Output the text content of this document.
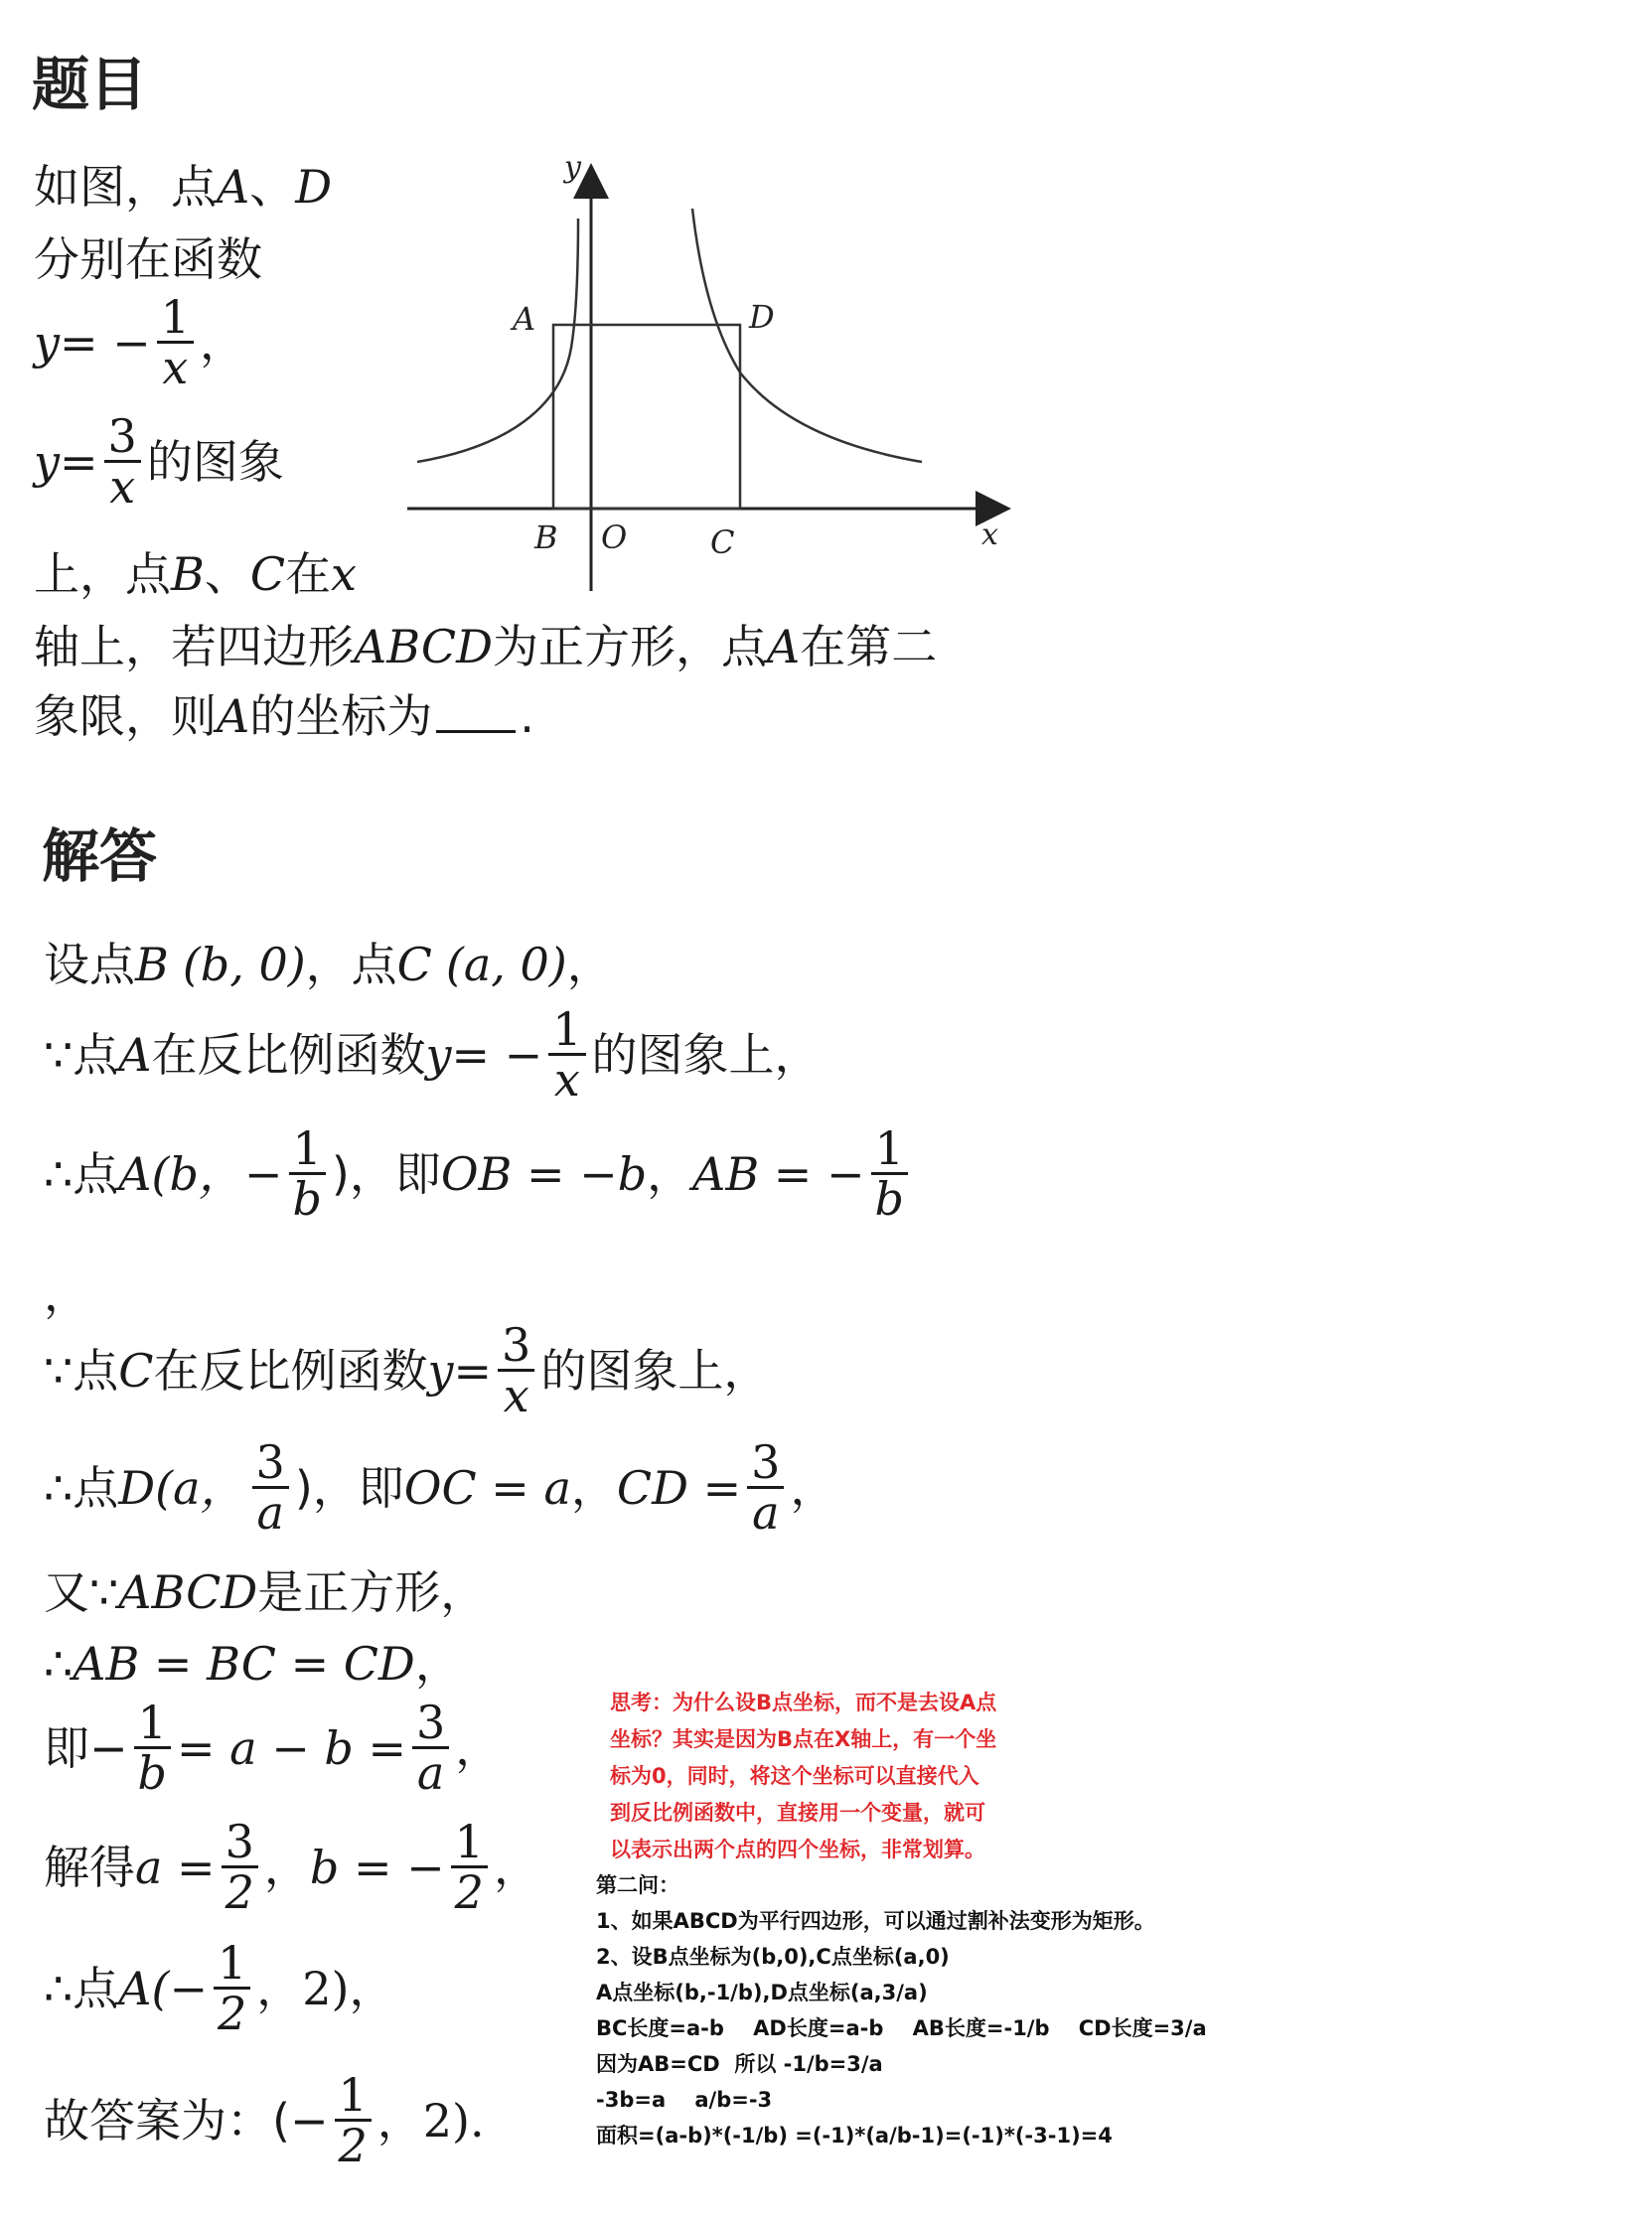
题目
如图，点 A 、 D
分别在函数
y = − $\frac{1}{x}$ ，
$y = \frac{3}{x}$ 的图象
上，点 B 、 C 在 x
轴上，若四边形 ABCD 为正方形，点 A 在第二
象限，则 A 的坐标为 .
y
x
A	D
B O	C
解答
设点 B (b, 0) ，点 C (a, 0) ，
∵点 A 在反比例函数 y = − $\frac{1}{x}$ 的图象上，
∴点 A(b，− $\frac{1}{b}$ )，即 OB = −b ， AB = − $\frac{1}{b}$
，
∵点 C 在反比例函数 $y = \frac{3}{x}$ 的图象上，
∴点 D(a， $\frac{3}{a}$ )，即 OC = a ， CD = $\frac{3}{a}$ ，
又∵ ABCD 是正方形，
∴ AB = BC = CD ，
即− $\frac{1}{b} = a - b = \frac{3}{a}$ ，
解得 $a = \frac{3}{2}$ ， b = − $\frac{1}{2}$ ，
∴点 $A(- \frac{1}{2}$ ，2)，
故答案为：(− $\frac{1}{2}$ ，2).
思考：为什么设B点坐标，而不是去设A点
坐标？其实是因为B点在X轴上，有一个坐
标为0，同时，将这个坐标可以直接代入
到反比例函数中，直接用一个变量，就可
以表示出两个点的四个坐标，非常划算。
第二问：
1、如果ABCD为平行四边形，可以通过割补法变形为矩形。
2、设B点坐标为(b,0),C点坐标(a,0)
A点坐标(b,-1/b),D点坐标(a,3/a)
BC长度=a-b    AD长度=a-b    AB长度=-1/b    CD长度=3/a
因为AB=CD  所以 -1/b=3/a
-3b=a    a/b=-3
面积=(a-b)*(-1/b) =(-1)*(a/b-1)=(-1)*(-3-1)=4
